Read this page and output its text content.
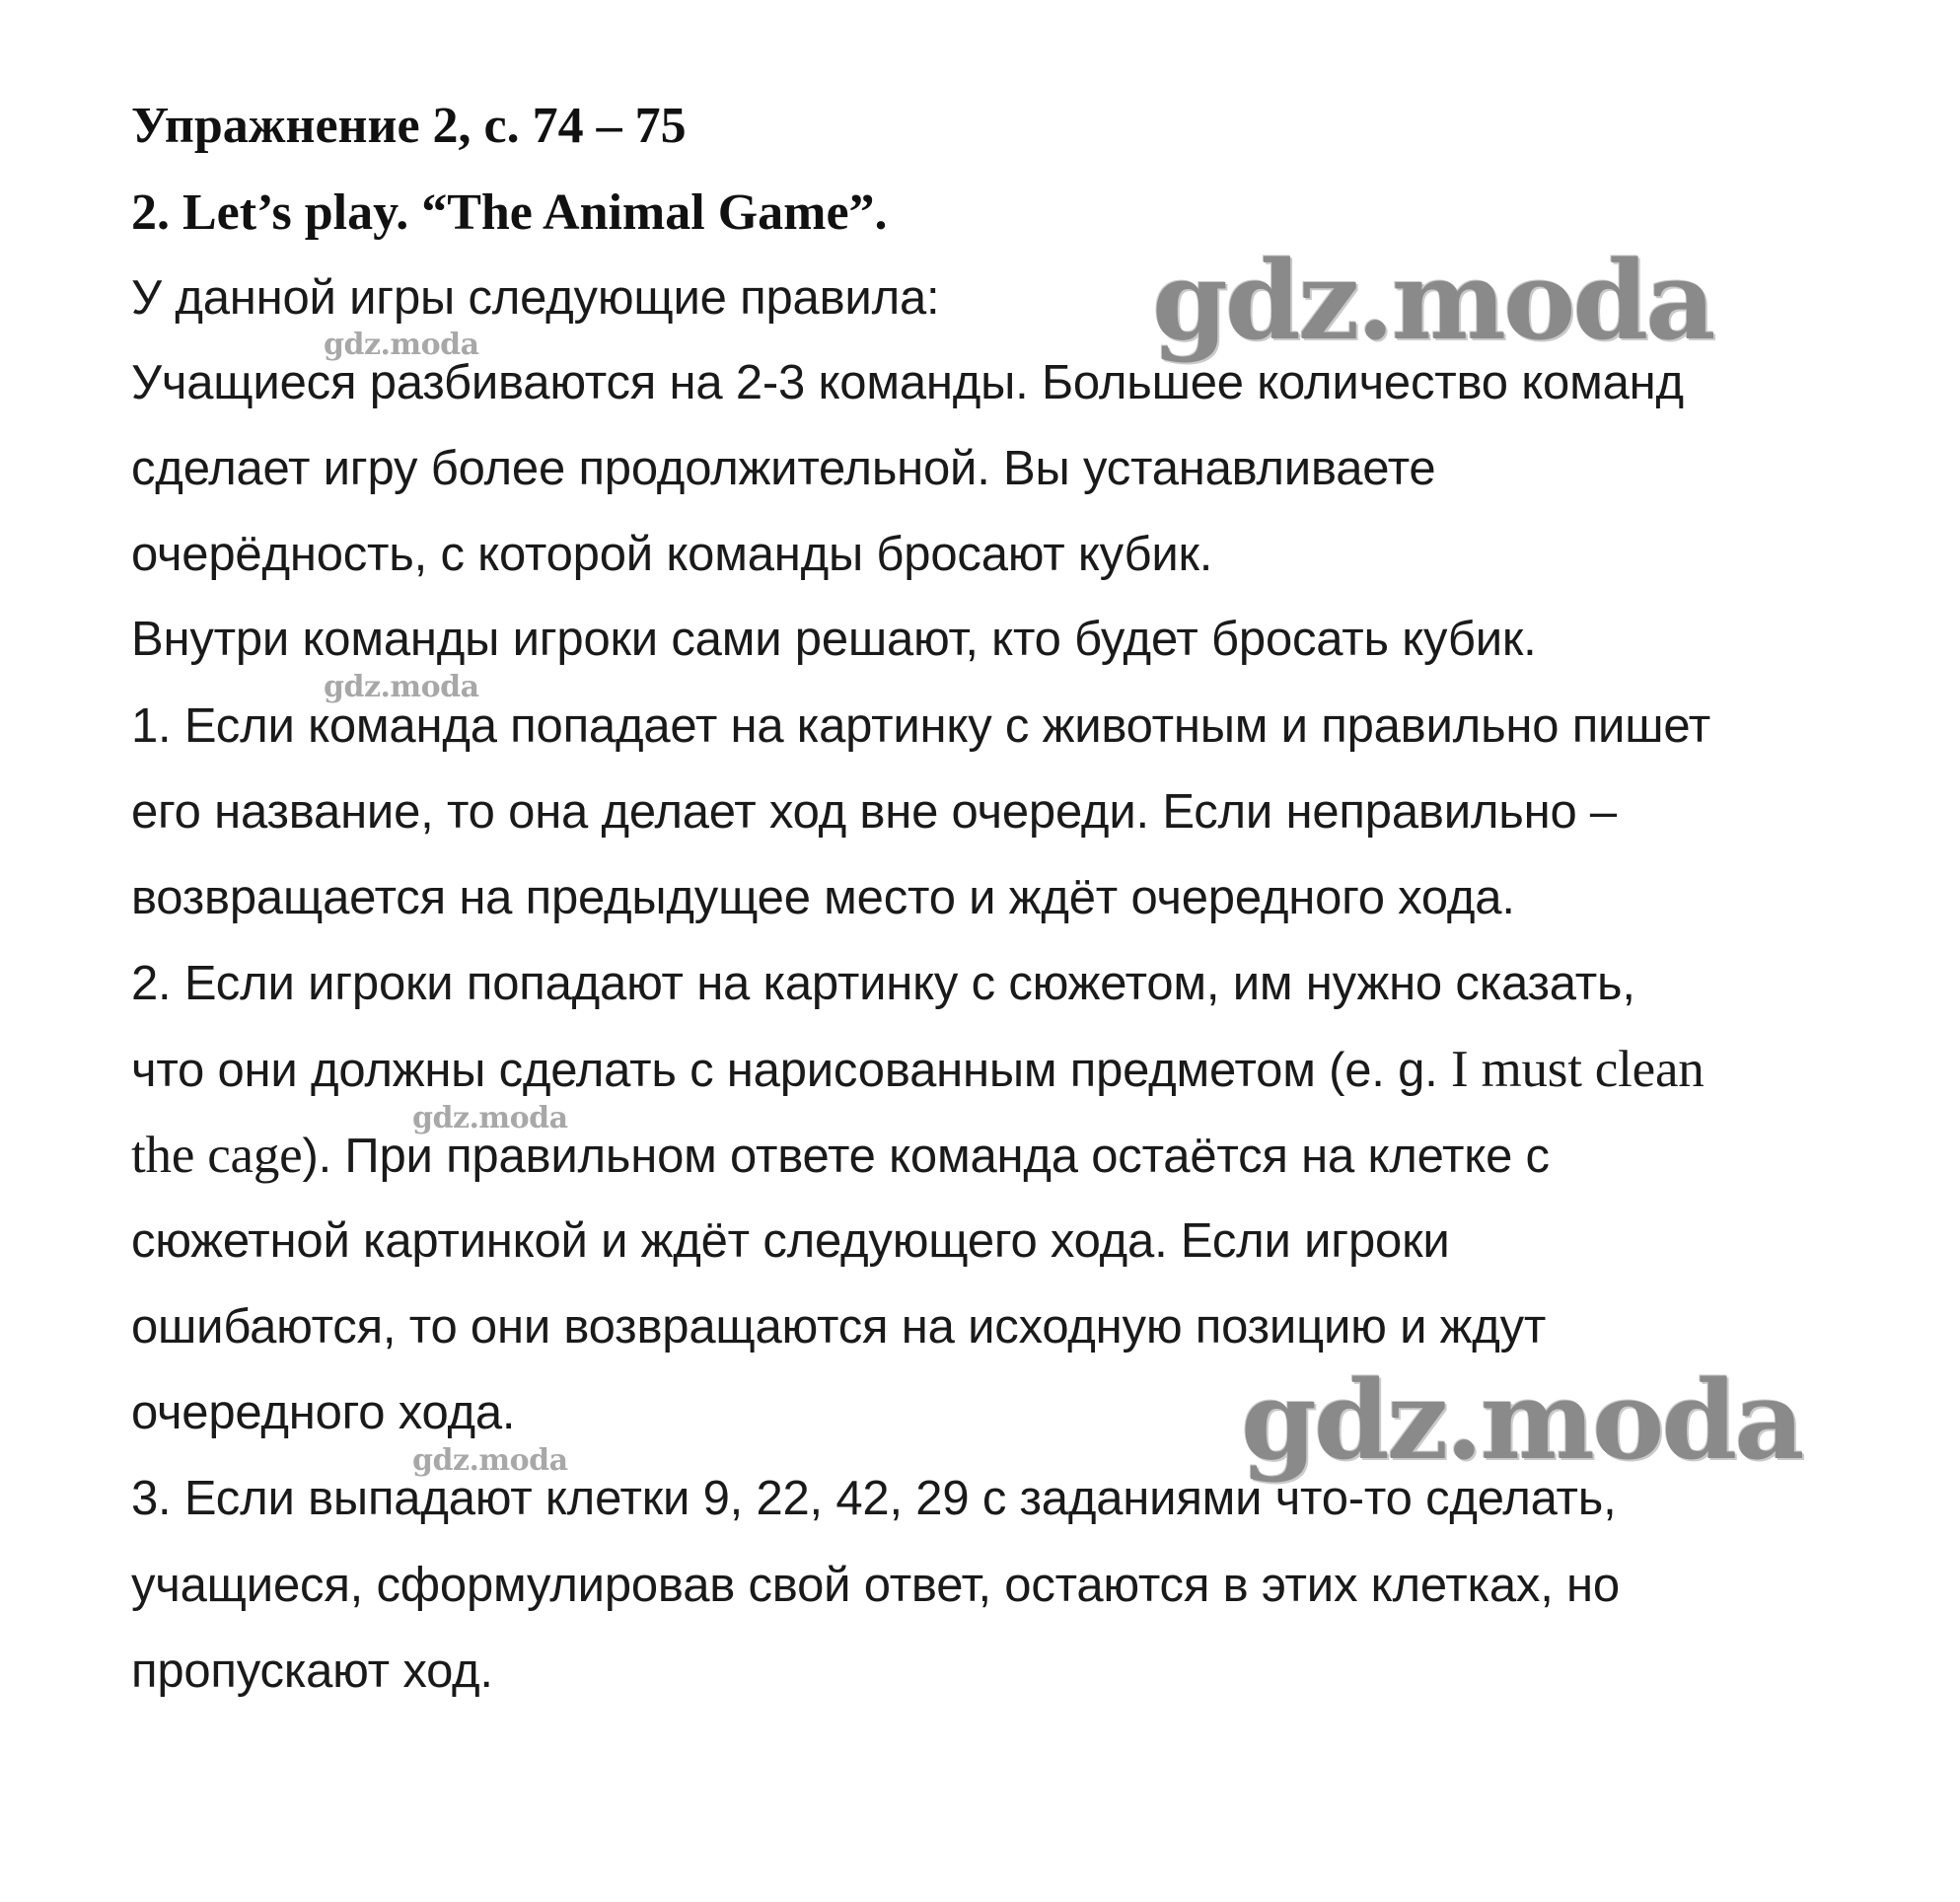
Упражнение 2, с. 74 – 75
2. Let’s play. “The Animal Game”.
У данной игры следующие правила:
Учащиеся разбиваются на 2-3 команды. Большее количество команд
сделает игру более продолжительной. Вы устанавливаете
очерёдность, с которой команды бросают кубик.
Внутри команды игроки сами решают, кто будет бросать кубик.
1. Если команда попадает на картинку с животным и правильно пишет
его название, то она делает ход вне очереди. Если неправильно –
возвращается на предыдущее место и ждёт очередного хода.
2. Если игроки попадают на картинку с сюжетом, им нужно сказать,
что они должны сделать с нарисованным предметом (e. g. I must clean
the cage). При правильном ответе команда остаётся на клетке с
сюжетной картинкой и ждёт следующего хода. Если игроки
ошибаются, то они возвращаются на исходную позицию и ждут
очередного хода.
3. Если выпадают клетки 9, 22, 42, 29 с заданиями что-то сделать,
учащиеся, сформулировав свой ответ, остаются в этих клетках, но
пропускают ход.
gdz.moda
gdz.moda
gdz.moda
gdz.moda
gdz.moda
gdz.moda
